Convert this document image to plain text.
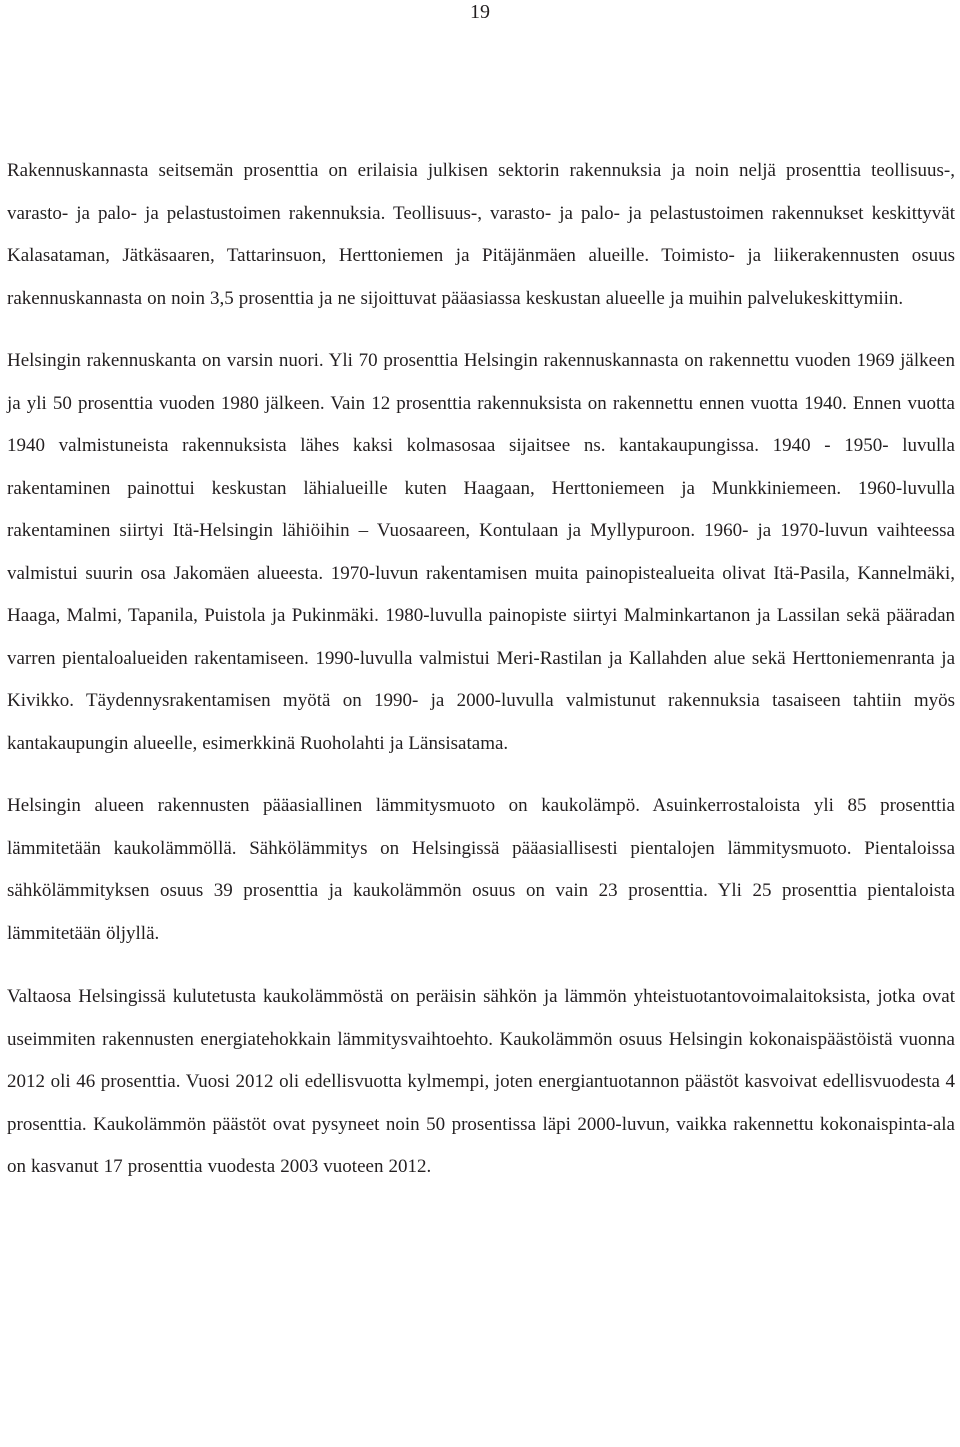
19

Rakennuskannasta seitsemän prosenttia on erilaisia julkisen sektorin rakennuksia ja noin neljä prosenttia teollisuus-, varasto- ja palo- ja pelastustoimen rakennuksia. Teollisuus-, varasto- ja palo- ja pelastustoimen rakennukset keskittyvät Kalasataman, Jätkäsaaren, Tattarinsuon, Herttoniemen ja Pitäjänmäen alueille. Toimisto- ja liikerakennusten osuus rakennuskannasta on noin 3,5 prosenttia ja ne sijoittuvat pääasiassa keskustan alueelle ja muihin palvelukeskittymiin.

Helsingin rakennuskanta on varsin nuori. Yli 70 prosenttia Helsingin rakennuskannasta on rakennettu vuoden 1969 jälkeen ja yli 50 prosenttia vuoden 1980 jälkeen. Vain 12 prosenttia rakennuksista on rakennettu ennen vuotta 1940. Ennen vuotta 1940 valmistuneista rakennuksista lähes kaksi kolmasosaa sijaitsee ns. kantakaupungissa. 1940 - 1950- luvulla rakentaminen painottui keskustan lähialueille kuten Haagaan, Herttoniemeen ja Munkkiniemeen. 1960-luvulla rakentaminen siirtyi Itä-Helsingin lähiöihin – Vuosaareen, Kontulaan ja Myllypuroon. 1960- ja 1970-luvun vaihteessa valmistui suurin osa Jakomäen alueesta. 1970-luvun rakentamisen muita painopistealueita olivat Itä-Pasila, Kannelmäki, Haaga, Malmi, Tapanila, Puistola ja Pukinmäki. 1980-luvulla painopiste siirtyi Malminkartanon ja Lassilan sekä pääradan varren pientaloalueiden rakentamiseen. 1990-luvulla valmistui Meri-Rastilan ja Kallahden alue sekä Herttoniemenranta ja Kivikko. Täydennysrakentamisen myötä on 1990- ja 2000-luvulla valmistunut rakennuksia tasaiseen tahtiin myös kantakaupungin alueelle, esimerkkinä Ruoholahti ja Länsisatama.

Helsingin alueen rakennusten pääasiallinen lämmitysmuoto on kaukolämpö. Asuinkerrostaloista yli 85 prosenttia lämmitetään kaukolämmöllä. Sähkölämmitys on Helsingissä pääasiallisesti pientalojen lämmitysmuoto. Pientaloissa sähkölämmityksen osuus 39 prosenttia ja kaukolämmön osuus on vain 23 prosenttia. Yli 25 prosenttia pientaloista lämmitetään öljyllä.

Valtaosa Helsingissä kulutetusta kaukolämmöstä on peräisin sähkön ja lämmön yhteistuotantovoimalaitoksista, jotka ovat useimmiten rakennusten energiatehokkain lämmitysvaihtoehto. Kaukolämmön osuus Helsingin kokonaispäästöistä vuonna 2012 oli 46 prosenttia. Vuosi 2012 oli edellisvuotta kylmempi, joten energiantuotannon päästöt kasvoivat edellisvuodesta 4 prosenttia. Kaukolämmön päästöt ovat pysyneet noin 50 prosentissa läpi 2000-luvun, vaikka rakennettu kokonaispinta-ala on kasvanut 17 prosenttia vuodesta 2003 vuoteen 2012.
